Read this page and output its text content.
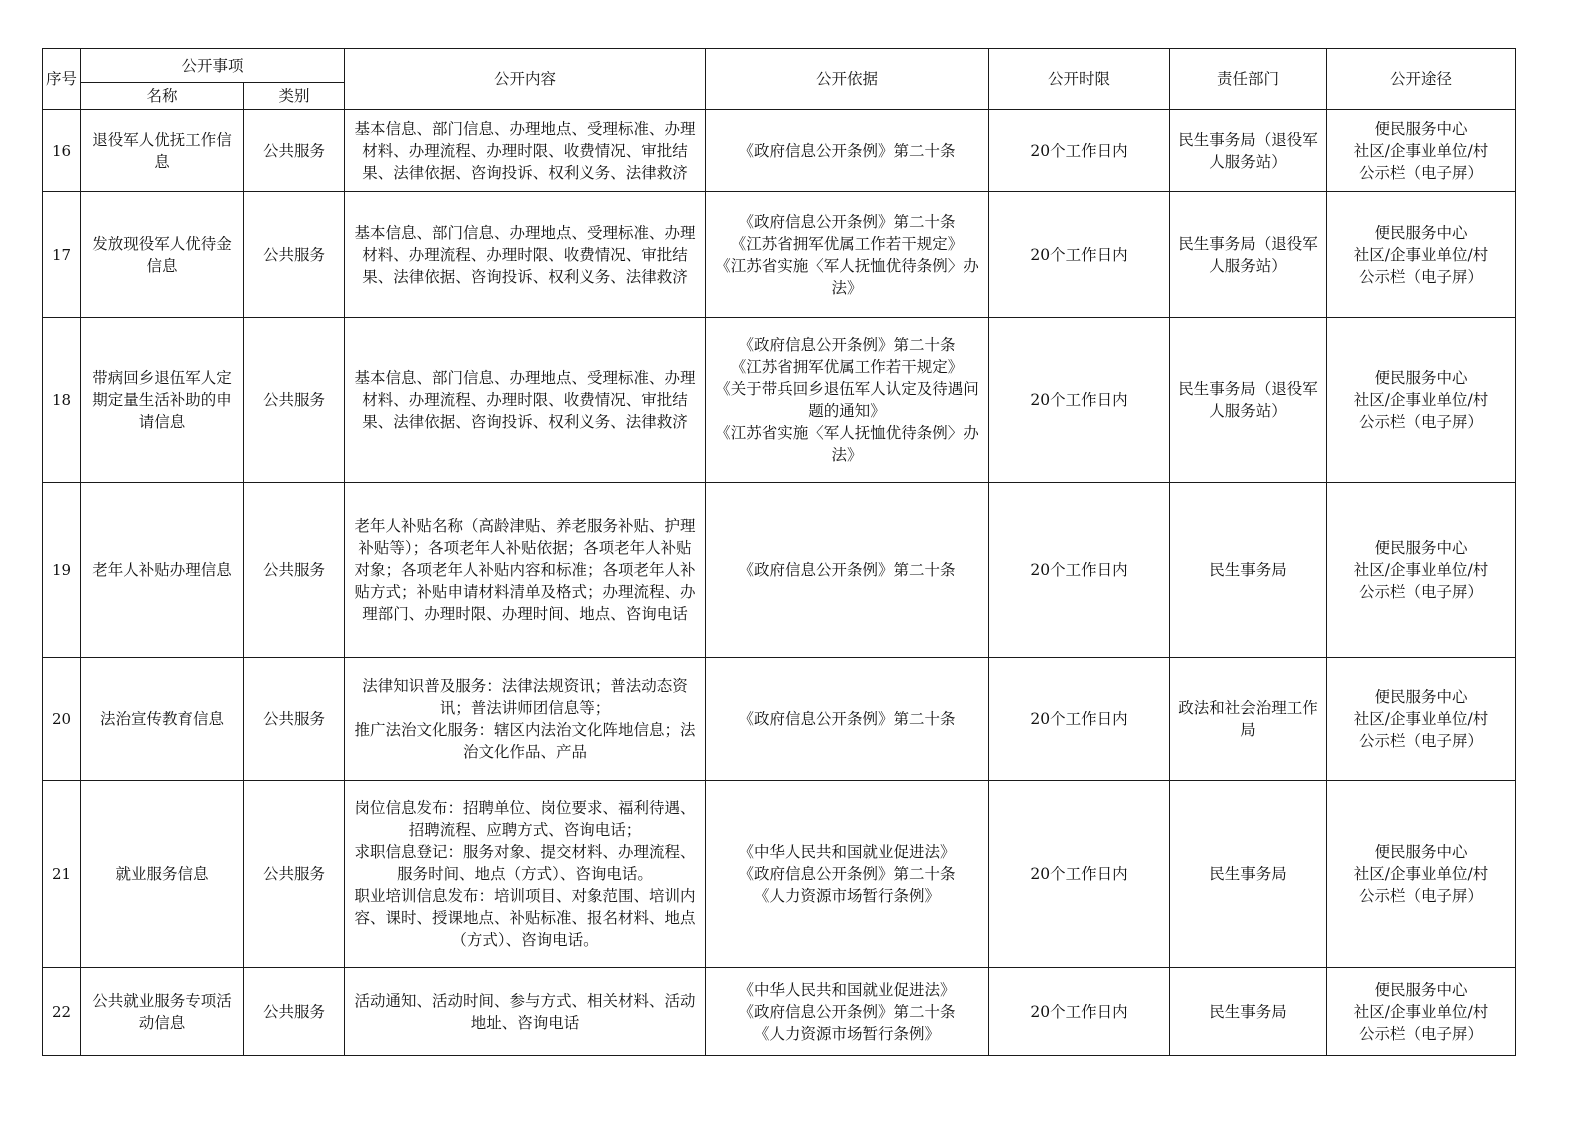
序号	公开事项		公开内容	公开依据	公开时限	责任部门	公开途径
	名称	类别					
16	退役军人优抚工作信息	公共服务	基本信息、部门信息、办理地点、受理标准、办理材料、办理流程、办理时限、收费情况、审批结果、法律依据、咨询投诉、权利义务、法律救济	《政府信息公开条例》第二十条	20个工作日内	民生事务局（退役军人服务站）	便民服务中心
社区/企事业单位/村
公示栏（电子屏）
17	发放现役军人优待金信息	公共服务	基本信息、部门信息、办理地点、受理标准、办理材料、办理流程、办理时限、收费情况、审批结果、法律依据、咨询投诉、权利义务、法律救济	《政府信息公开条例》第二十条
《江苏省拥军优属工作若干规定》
《江苏省实施〈军人抚恤优待条例〉办法》	20个工作日内	民生事务局（退役军人服务站）	便民服务中心
社区/企事业单位/村
公示栏（电子屏）
18	带病回乡退伍军人定期定量生活补助的申请信息	公共服务	基本信息、部门信息、办理地点、受理标准、办理材料、办理流程、办理时限、收费情况、审批结果、法律依据、咨询投诉、权利义务、法律救济	《政府信息公开条例》第二十条
《江苏省拥军优属工作若干规定》
《关于带兵回乡退伍军人认定及待遇问题的通知》
《江苏省实施〈军人抚恤优待条例〉办法》	20个工作日内	民生事务局（退役军人服务站）	便民服务中心
社区/企事业单位/村
公示栏（电子屏）
19	老年人补贴办理信息	公共服务	老年人补贴名称（高龄津贴、养老服务补贴、护理补贴等）；各项老年人补贴依据；各项老年人补贴对象；各项老年人补贴内容和标准；各项老年人补贴方式；补贴申请材料清单及格式；办理流程、办理部门、办理时限、办理时间、地点、咨询电话	《政府信息公开条例》第二十条	20个工作日内	民生事务局	便民服务中心
社区/企事业单位/村
公示栏（电子屏）
20	法治宣传教育信息	公共服务	法律知识普及服务：法律法规资讯；普法动态资讯；普法讲师团信息等；
推广法治文化服务：辖区内法治文化阵地信息；法治文化作品、产品	《政府信息公开条例》第二十条	20个工作日内	政法和社会治理工作局	便民服务中心
社区/企事业单位/村
公示栏（电子屏）
21	就业服务信息	公共服务	岗位信息发布：招聘单位、岗位要求、福利待遇、招聘流程、应聘方式、咨询电话；
求职信息登记：服务对象、提交材料、办理流程、服务时间、地点（方式）、咨询电话。
职业培训信息发布：培训项目、对象范围、培训内容、课时、授课地点、补贴标准、报名材料、地点（方式）、咨询电话。	《中华人民共和国就业促进法》
《政府信息公开条例》第二十条
《人力资源市场暂行条例》	20个工作日内	民生事务局	便民服务中心
社区/企事业单位/村
公示栏（电子屏）
22	公共就业服务专项活动信息	公共服务	活动通知、活动时间、参与方式、相关材料、活动地址、咨询电话	《中华人民共和国就业促进法》
《政府信息公开条例》第二十条
《人力资源市场暂行条例》	20个工作日内	民生事务局	便民服务中心
社区/企事业单位/村
公示栏（电子屏）
